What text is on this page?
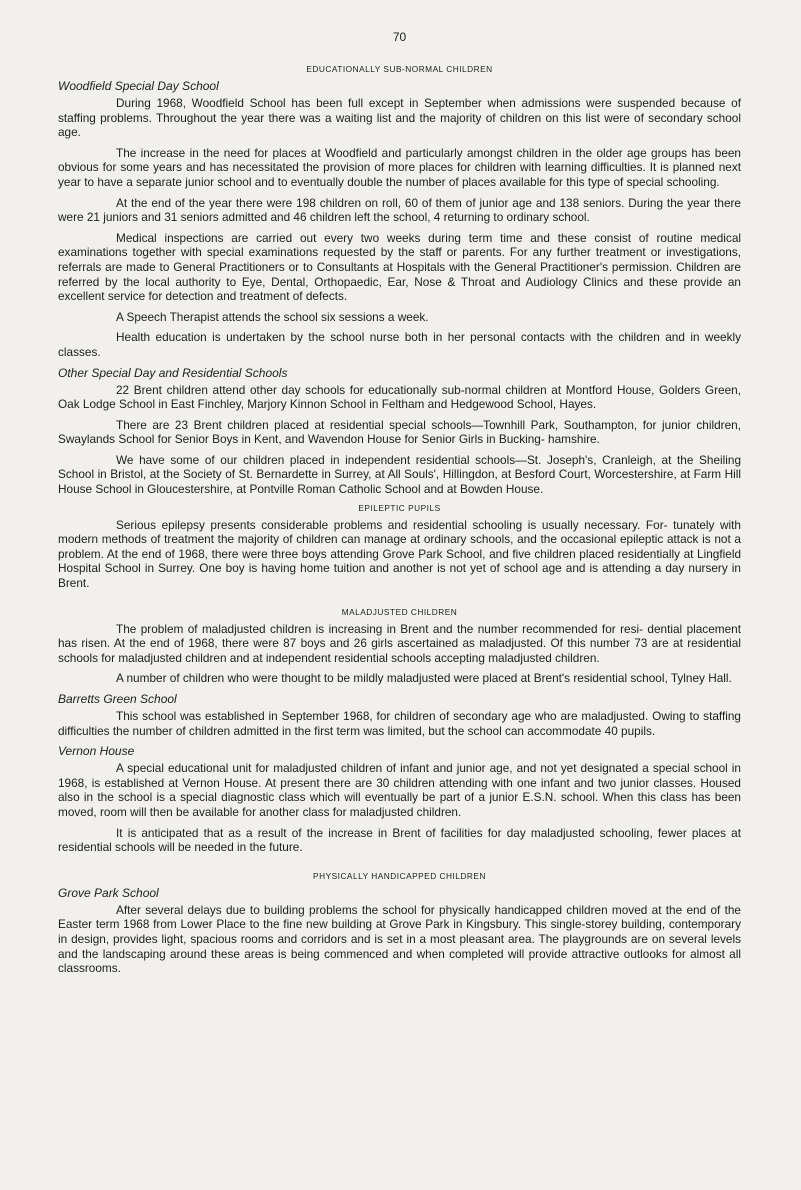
70
EDUCATIONALLY SUB-NORMAL CHILDREN
Woodfield Special Day School

During 1968, Woodfield School has been full except in September when admissions were suspended because of staffing problems. Throughout the year there was a waiting list and the majority of children on this list were of secondary school age.

The increase in the need for places at Woodfield and particularly amongst children in the older age groups has been obvious for some years and has necessitated the provision of more places for children with learning difficulties. It is planned next year to have a separate junior school and to eventually double the number of places available for this type of special schooling.

At the end of the year there were 198 children on roll, 60 of them of junior age and 138 seniors. During the year there were 21 juniors and 31 seniors admitted and 46 children left the school, 4 returning to ordinary school.

Medical inspections are carried out every two weeks during term time and these consist of routine medical examinations together with special examinations requested by the staff or parents. For any further treatment or investigations, referrals are made to General Practitioners or to Consultants at Hospitals with the General Practitioner's permission. Children are referred by the local authority to Eye, Dental, Orthopaedic, Ear, Nose & Throat and Audiology Clinics and these provide an excellent service for detection and treatment of defects.

A Speech Therapist attends the school six sessions a week.

Health education is undertaken by the school nurse both in her personal contacts with the children and in weekly classes.

Other Special Day and Residential Schools

22 Brent children attend other day schools for educationally sub-normal children at Montford House, Golders Green, Oak Lodge School in East Finchley, Marjory Kinnon School in Feltham and Hedgewood School, Hayes.

There are 23 Brent children placed at residential special schools—Townhill Park, Southampton, for junior children, Swaylands School for Senior Boys in Kent, and Wavendon House for Senior Girls in Bucking- hamshire.

We have some of our children placed in independent residential schools—St. Joseph's, Cranleigh, at the Sheiling School in Bristol, at the Society of St. Bernardette in Surrey, at All Souls', Hillingdon, at Besford Court, Worcestershire, at Farm Hill House School in Gloucestershire, at Pontville Roman Catholic School and at Bowden House.

EPILEPTIC PUPILS

Serious epilepsy presents considerable problems and residential schooling is usually necessary. For- tunately with modern methods of treatment the majority of children can manage at ordinary schools, and the occasional epileptic attack is not a problem. At the end of 1968, there were three boys attending Grove Park School, and five children placed residentially at Lingfield Hospital School in Surrey. One boy is having home tuition and another is not yet of school age and is attending a day nursery in Brent.

MALADJUSTED CHILDREN

The problem of maladjusted children is increasing in Brent and the number recommended for resi- dential placement has risen. At the end of 1968, there were 87 boys and 26 girls ascertained as maladjusted. Of this number 73 are at residential schools for maladjusted children and at independent residential schools accepting maladjusted children.

A number of children who were thought to be mildly maladjusted were placed at Brent's residential school, Tylney Hall.

Barretts Green School

This school was established in September 1968, for children of secondary age who are maladjusted. Owing to staffing difficulties the number of children admitted in the first term was limited, but the school can accommodate 40 pupils.

Vernon House

A special educational unit for maladjusted children of infant and junior age, and not yet designated a special school in 1968, is established at Vernon House. At present there are 30 children attending with one infant and two junior classes. Housed also in the school is a special diagnostic class which will eventually be part of a junior E.S.N. school. When this class has been moved, room will then be available for another class for maladjusted children.

It is anticipated that as a result of the increase in Brent of facilities for day maladjusted schooling, fewer places at residential schools will be needed in the future.

PHYSICALLY HANDICAPPED CHILDREN
Grove Park School

After several delays due to building problems the school for physically handicapped children moved at the end of the Easter term 1968 from Lower Place to the fine new building at Grove Park in Kingsbury. This single-storey building, contemporary in design, provides light, spacious rooms and corridors and is set in a most pleasant area. The playgrounds are on several levels and the landscaping around these areas is being commenced and when completed will provide attractive outlooks for almost all classrooms.
